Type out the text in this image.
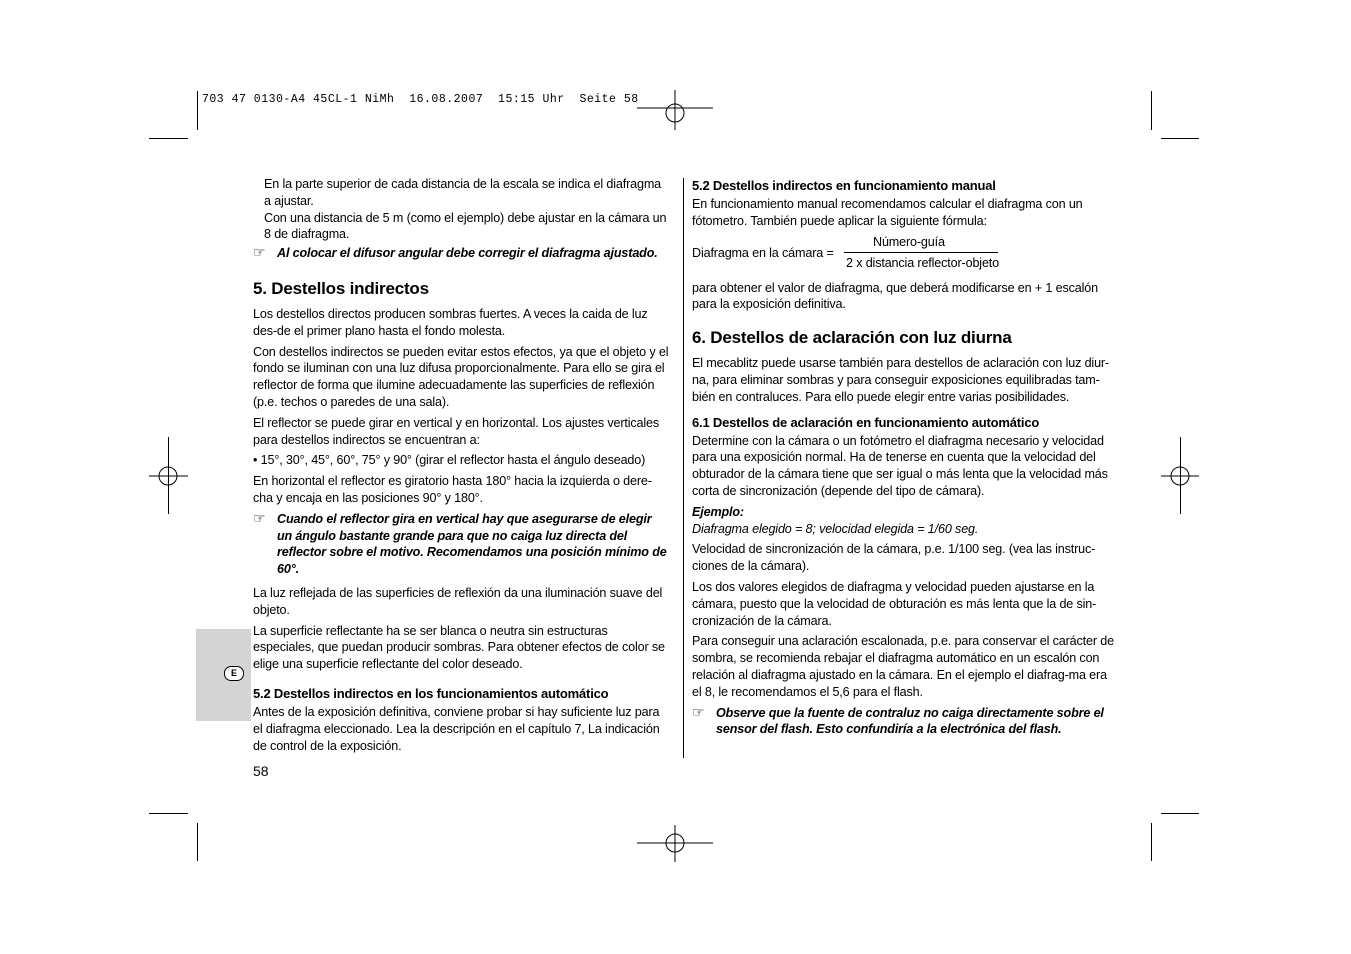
703 47 0130-A4 45CL-1 NiMh  16.08.2007  15:15 Uhr  Seite 58
E

En la parte superior de cada distancia de la escala se indica el diafragma a ajustar.

Con una distancia de 5 m (como el ejemplo) debe ajustar en la cámara un 8 de diafragma.

☞ Al colocar el difusor angular debe corregir el diafragma ajustado.
5. Destellos indirectos

Los destellos directos producen sombras fuertes. A veces la caida de luz des-de el primer plano hasta el fondo molesta.

Con destellos indirectos se pueden evitar estos efectos, ya que el objeto y el fondo se iluminan con una luz difusa proporcionalmente. Para ello se gira el reflector de forma que ilumine adecuadamente las superficies de reflexión (p.e. techos o paredes de una sala).

El reflector se puede girar en vertical y en horizontal. Los ajustes verticales para destellos indirectos se encuentran a:

• 15°, 30°, 45°, 60°, 75° y 90° (girar el reflector hasta el ángulo deseado)

En horizontal el reflector es giratorio hasta 180° hacia la izquierda o dere-cha y encaja en las posiciones 90° y 180°.

☞ Cuando el reflector gira en vertical hay que asegurarse de elegir un ángulo bastante grande para que no caiga luz directa del reflector sobre el motivo. Recomendamos una posición mínimo de 60°.

La luz reflejada de las superficies de reflexión da una iluminación suave del objeto.

La superficie reflectante ha se ser blanca o neutra sin estructuras especiales, que puedan producir sombras. Para obtener efectos de color se elige una superficie reflectante del color deseado.

5.2 Destellos indirectos en los funcionamientos automático

Antes de la exposición definitiva, conviene probar si hay suficiente luz para el diafragma eleccionado. Lea la descripción en el capítulo 7, La indicación de control de la exposición.

58
5.2 Destellos indirectos en funcionamiento manual

En funcionamiento manual recomendamos calcular el diafragma con un fótometro. También puede aplicar la siguiente fórmula:

Diafragma en la cámara =
Número-guía
2 x distancia reflector-objeto

para obtener el valor de diafragma, que deberá modificarse en + 1 escalón para la exposición definitiva.

6. Destellos de aclaración con luz diurna

El mecablitz puede usarse también para destellos de aclaración con luz diur-na, para eliminar sombras y para conseguir exposiciones equilibradas tam-bién en contraluces. Para ello puede elegir entre varias posibilidades.

6.1 Destellos de aclaración en funcionamiento automático

Determine con la cámara o un fotómetro el diafragma necesario y velocidad para una exposición normal. Ha de tenerse en cuenta que la velocidad del obturador de la cámara tiene que ser igual o más lenta que la velocidad más corta de sincronización (depende del tipo de cámara).

Ejemplo:

Diafragma elegido = 8; velocidad elegida = 1/60 seg.

Velocidad de sincronización de la cámara, p.e. 1/100 seg. (vea las instruc-ciones de la cámara).

Los dos valores elegidos de diafragma y velocidad pueden ajustarse en la cámara, puesto que la velocidad de obturación es más lenta que la de sin-cronización de la cámara.

Para conseguir una aclaración escalonada, p.e. para conservar el carácter de sombra, se recomienda rebajar el diafragma automático en un escalón con relación al diafragma ajustado en la cámara. En el ejemplo el diafrag-ma era el 8, le recomendamos el 5,6 para el flash.

☞ Observe que la fuente de contraluz no caiga directamente sobre el sensor del flash. Esto confundiría a la electrónica del flash.
